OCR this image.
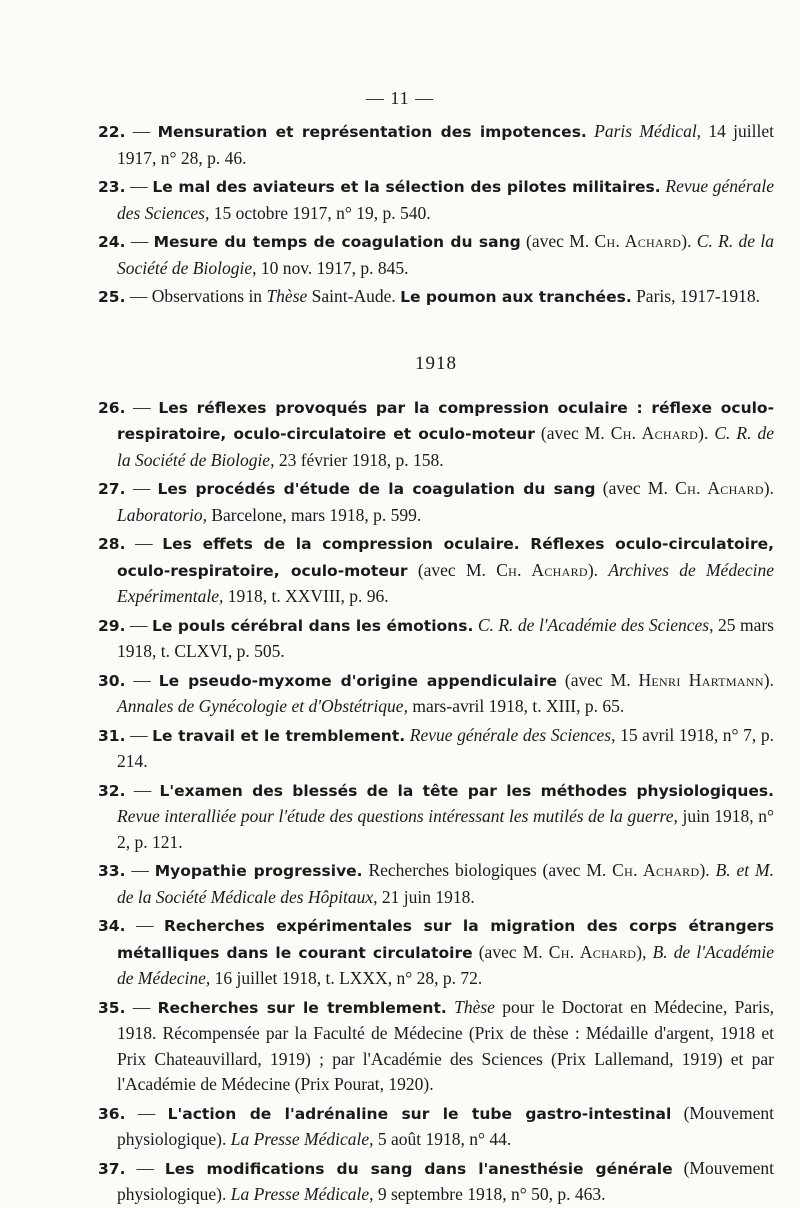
— 11 —
22. — Mensuration et représentation des impotences. Paris Médical, 14 juillet 1917, n° 28, p. 46.
23. — Le mal des aviateurs et la sélection des pilotes militaires. Revue générale des Sciences, 15 octobre 1917, n° 19, p. 540.
24. — Mesure du temps de coagulation du sang (avec M. Ch. Achard). C. R. de la Société de Biologie, 10 nov. 1917, p. 845.
25. — Observations in Thèse Saint-Aude. Le poumon aux tranchées. Paris, 1917-1918.
1918
26. — Les réflexes provoqués par la compression oculaire : réflexe oculo-respiratoire, oculo-circulatoire et oculo-moteur (avec M. Ch. Achard). C. R. de la Société de Biologie, 23 février 1918, p. 158.
27. — Les procédés d'étude de la coagulation du sang (avec M. Ch. Achard). Laboratorio, Barcelone, mars 1918, p. 599.
28. — Les effets de la compression oculaire. Réflexes oculo-circulatoire, oculo-respiratoire, oculo-moteur (avec M. Ch. Achard). Archives de Médecine Expérimentale, 1918, t. XXVIII, p. 96.
29. — Le pouls cérébral dans les émotions. C. R. de l'Académie des Sciences, 25 mars 1918, t. CLXVI, p. 505.
30. — Le pseudo-myxome d'origine appendiculaire (avec M. Henri Hartmann). Annales de Gynécologie et d'Obstétrique, mars-avril 1918, t. XIII, p. 65.
31. — Le travail et le tremblement. Revue générale des Sciences, 15 avril 1918, n° 7, p. 214.
32. — L'examen des blessés de la tête par les méthodes physiologiques. Revue interalliée pour l'étude des questions intéressant les mutilés de la guerre, juin 1918, n° 2, p. 121.
33. — Myopathie progressive. Recherches biologiques (avec M. Ch. Achard). B. et M. de la Société Médicale des Hôpitaux, 21 juin 1918.
34. — Recherches expérimentales sur la migration des corps étrangers métalliques dans le courant circulatoire (avec M. Ch. Achard), B. de l'Académie de Médecine, 16 juillet 1918, t. LXXX, n° 28, p. 72.
35. — Recherches sur le tremblement. Thèse pour le Doctorat en Médecine, Paris, 1918. Récompensée par la Faculté de Médecine (Prix de thèse : Médaille d'argent, 1918 et Prix Chateauvillard, 1919) ; par l'Académie des Sciences (Prix Lallemand, 1919) et par l'Académie de Médecine (Prix Pourat, 1920).
36. — L'action de l'adrénaline sur le tube gastro-intestinal (Mouvement physiologique). La Presse Médicale, 5 août 1918, n° 44.
37. — Les modifications du sang dans l'anesthésie générale (Mouvement physiologique). La Presse Médicale, 9 septembre 1918, n° 50, p. 463.
